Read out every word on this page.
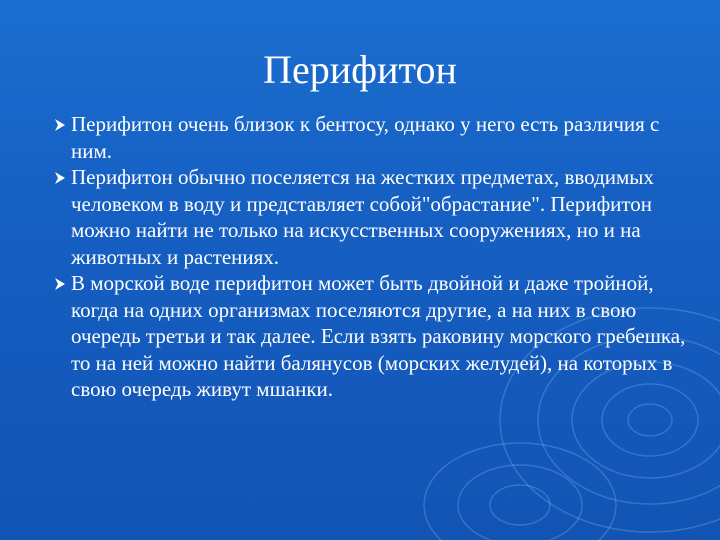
Перифитон
Перифитон очень близок к бентосу, однако у него есть различия с ним.
Перифитон обычно поселяется на жестких предметах, вводимых человеком в воду и представляет собой"обрастание". Перифитон можно найти не только на искусственных сооружениях, но и на животных и растениях.
В морской воде перифитон может быть двойной и даже тройной, когда на одних организмах поселяются другие, а на них в свою очередь третьи и так далее. Если взять раковину морского гребешка, то на ней можно найти балянусов (морских желудей), на которых в свою очередь живут мшанки.
